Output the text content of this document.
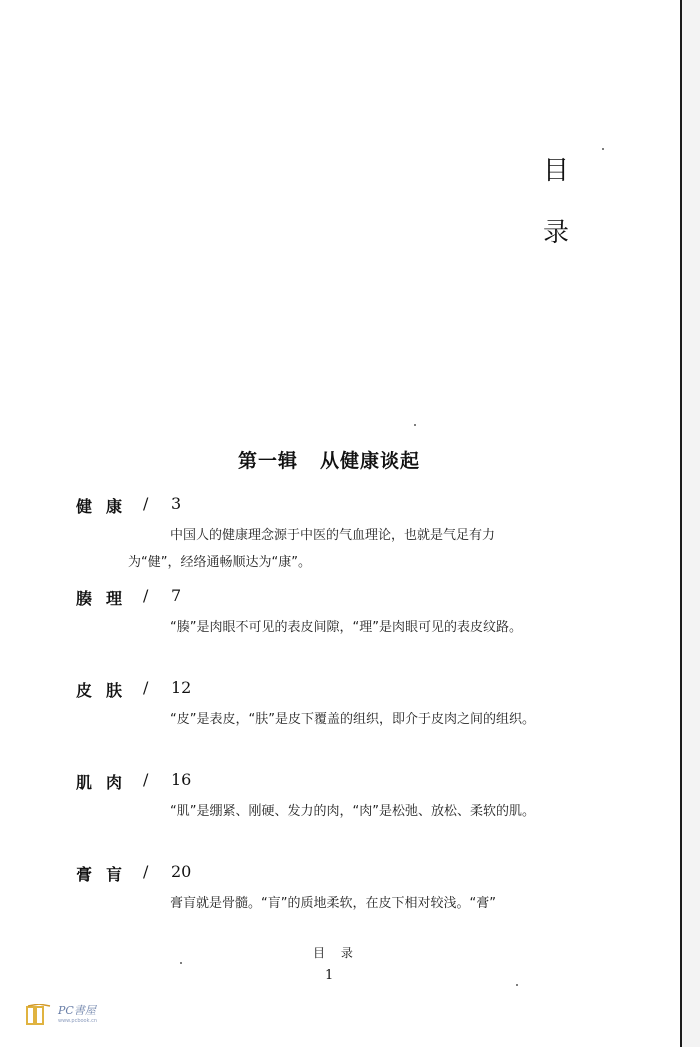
目
录
第一辑 从健康谈起
健康 / 3
中国人的健康理念源于中医的气血理论，也就是气足有力为“健”，经络通畅顺达为“康”。
腠理 / 7
“腠”是肉眼不可见的表皮间隙，“理”是肉眼可见的表皮纹路。
皮肤 / 12
“皮”是表皮，“肤”是皮下覆盖的组织，即介于皮肉之间的组织。
肌肉 / 16
“肌”是绷紧、刚硬、发力的肉，“肉”是松弛、放松、柔软的肌。
膏肓 / 20
膏肓就是骨髓。“肓”的质地柔软，在皮下相对较浅。“膏”
目 录
1
PC書屋
www.pcbook.cn
